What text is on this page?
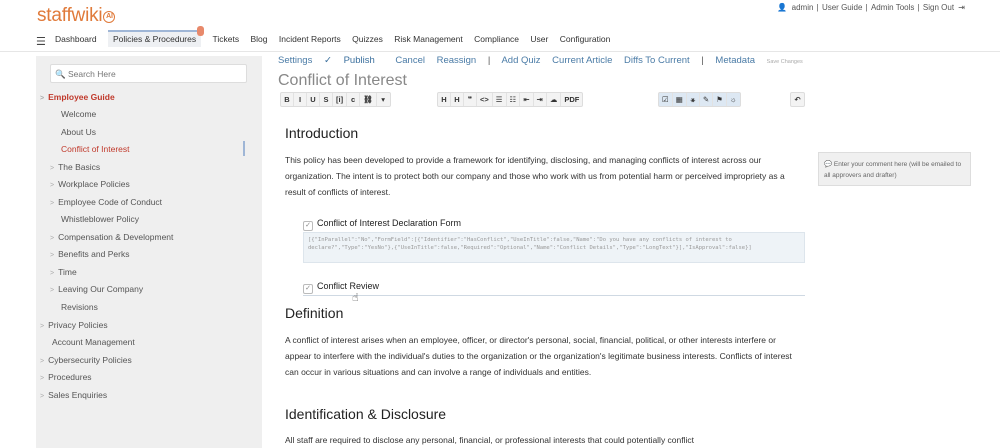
staffwiki AI
👤 admin | User Guide | Admin Tools | Sign Out ⇥
☰ Dashboard Policies & Procedures Tickets Blog Incident Reports Quizzes Risk Management Compliance User Configuration
🔍 Search Here
> Employee Guide
Welcome
About Us
Conflict of Interest
> The Basics
> Workplace Policies
> Employee Code of Conduct
Whistleblower Policy
> Compensation & Development
> Benefits and Perks
> Time
> Leaving Our Company
Revisions
> Privacy Policies
Account Management
> Cybersecurity Policies
> Procedures
> Sales Enquiries
Settings ✓ Publish Cancel Reassign | Add Quiz Current Article Diffs To Current | Metadata Save Changes
Conflict of Interest
B	I	U	S	[i]	c	⛓	▾	H	H	❞	<> ☰ ☷ ⇤ ⇥ ☁ PDF	☑ ▦	⚹	✎ ⚑ ☼	↶
Introduction

This policy has been developed to provide a framework for identifying, disclosing, and managing conflicts of interest across our organization. The intent is to protect both our company and those who work with us from potential harm or perceived impropriety as a result of conflicts of interest.

✓ Conflict of Interest Declaration Form
[{"InParallel":"No","FormField":[{"Identifier":"HasConflict","UseInTitle":false,"Name":"Do you have any conflicts of interest to declare?","Type":"YesNo"},{"UseInTitle":false,"Required":"Optional","Name":"Conflict Details","Type":"LongText"}],"IsApproval":false}]
✓ Conflict Review
☝
Definition

A conflict of interest arises when an employee, officer, or director's personal, social, financial, political, or other interests interfere or appear to interfere with the individual's duties to the organization or the organization's legitimate business interests. Conflicts of interest can occur in various situations and can involve a range of individuals and entities.

Identification & Disclosure

All staff are required to disclose any personal, financial, or professional interests that could potentially conflict

💬 Enter your comment here (will be emailed to all approvers and drafter)
